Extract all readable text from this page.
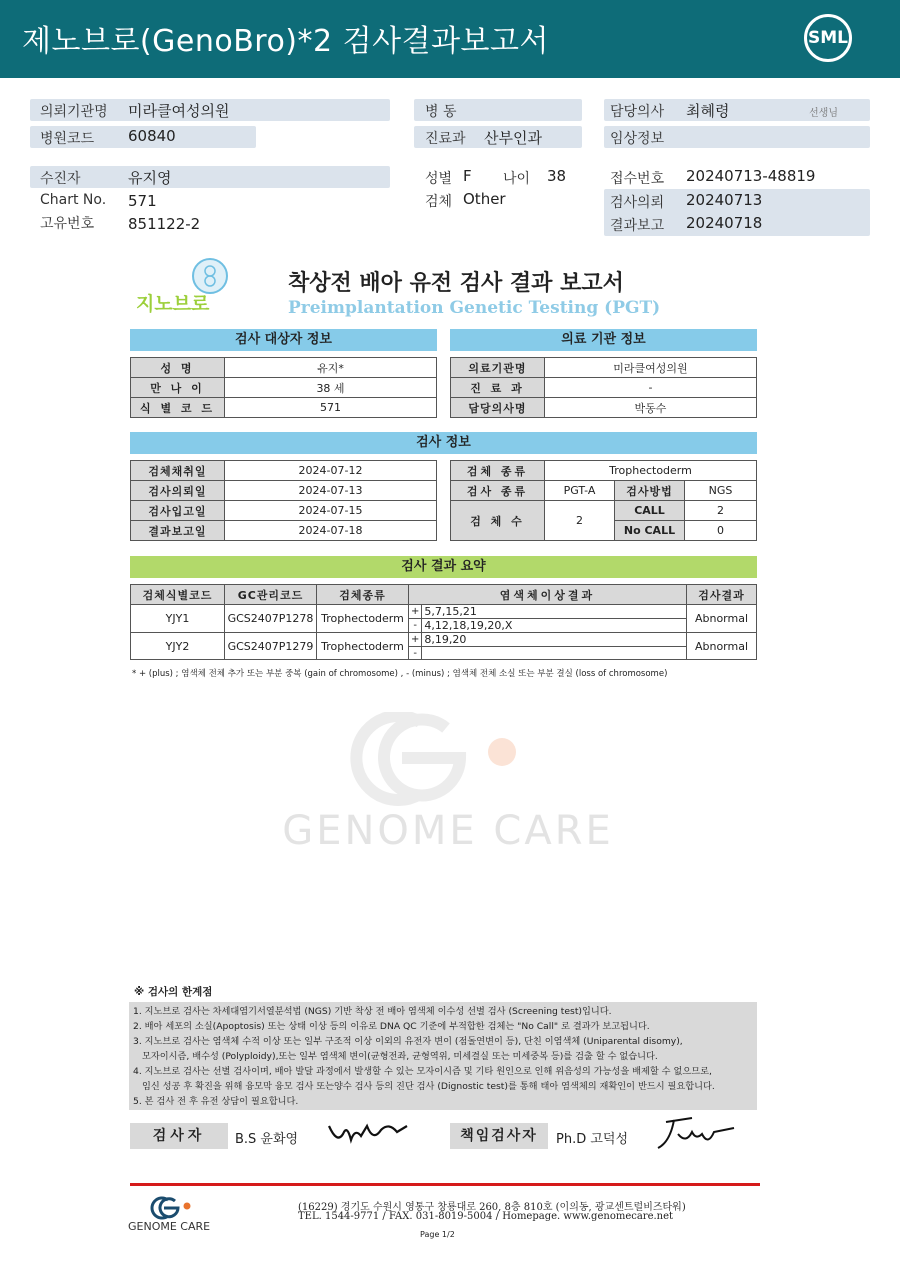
제노브로(GenoBro)*2 검사결과보고서	SML
의뢰기관명 미라클여성의원
병원코드 60840
수진자	유지영
Chart No. 571
고유번호 851122-2
병 동
진료과 산부인과
성별 F 나이 38
검체 Other
담당의사 최혜령	선생님
임상정보
접수번호 20240713-48819
검사의뢰 20240713
결과보고 20240718
지노브로
착상전 배아 유전 검사 결과 보고서
Preimplantation Genetic Testing (PGT)
검사 대상자 정보	의료 기관 정보
성 명	유지*
만 나 이	38 세
식 별 코 드	571
의료기관명	미라클여성의원
진 료 과	-
담당의사명	박동수
검사 정보
검체채취일	2024-07-12
검사의뢰일	2024-07-13
검사입고일	2024-07-15
결과보고일	2024-07-18
검체 종류	Trophectoderm		
검사 종류	PGT-A	검사방법	NGS
검 체 수	2	CALL	2
		No CALL	0
검사 결과 요약
검체식별코드	GC관리코드	검체종류	염색체이상결과		검사결과
YJY1	GCS2407P1278	Trophectoderm	+	5,7,15,21	Abnormal
			-	4,12,18,19,20,X	
YJY2	GCS2407P1279	Trophectoderm	+	8,19,20	Abnormal
			-		
* + (plus) ; 염색체 전체 추가 또는 부분 중복 (gain of chromosome) , - (minus) ; 염색체 전체 소실 또는 부분 결실 (loss of chromosome)
GENOME CARE
※ 검사의 한계점
1. 지노브로 검사는 차세대염기서열분석법 (NGS) 기반 착상 전 배아 염색체 이수성 선별 검사 (Screening test)입니다.
2. 배아 세포의 소실(Apoptosis) 또는 상태 이상 등의 이유로 DNA QC 기준에 부적합한 검체는 "No Call" 로 결과가 보고됩니다.
3. 지노브로 검사는 염색체 수적 이상 또는 일부 구조적 이상 이외의 유전자 변이 (점돌연변이 등), 단친 이염색체 (Uniparental disomy),
모자이시즘, 배수성 (Polyploidy),또는 일부 염색체 변이(균형전좌, 균형역위, 미세결실 또는 미세중복 등)를 검출 할 수 없습니다.
4. 지노브로 검사는 선별 검사이며, 배아 발달 과정에서 발생할 수 있는 모자이시즘 및 기타 원인으로 인해 위음성의 가능성을 배제할 수 없으므로,
임신 성공 후 확진을 위해 융모막 융모 검사 또는양수 검사 등의 진단 검사 (Dignostic test)를 통해 태아 염색체의 재확인이 반드시 필요합니다.
5. 본 검사 전 후 유전 상담이 필요합니다.
검사자	B.S 윤화영	책임검사자	Ph.D 고덕성
GENOME CARE
(16229) 경기도 수원시 영통구 창룡대로 260, 8층 810호 (이의동, 광교센트럴비즈타워)
TEL. 1544-9771 / FAX. 031-8019-5004 / Homepage. www.genomecare.net
Page 1/2
